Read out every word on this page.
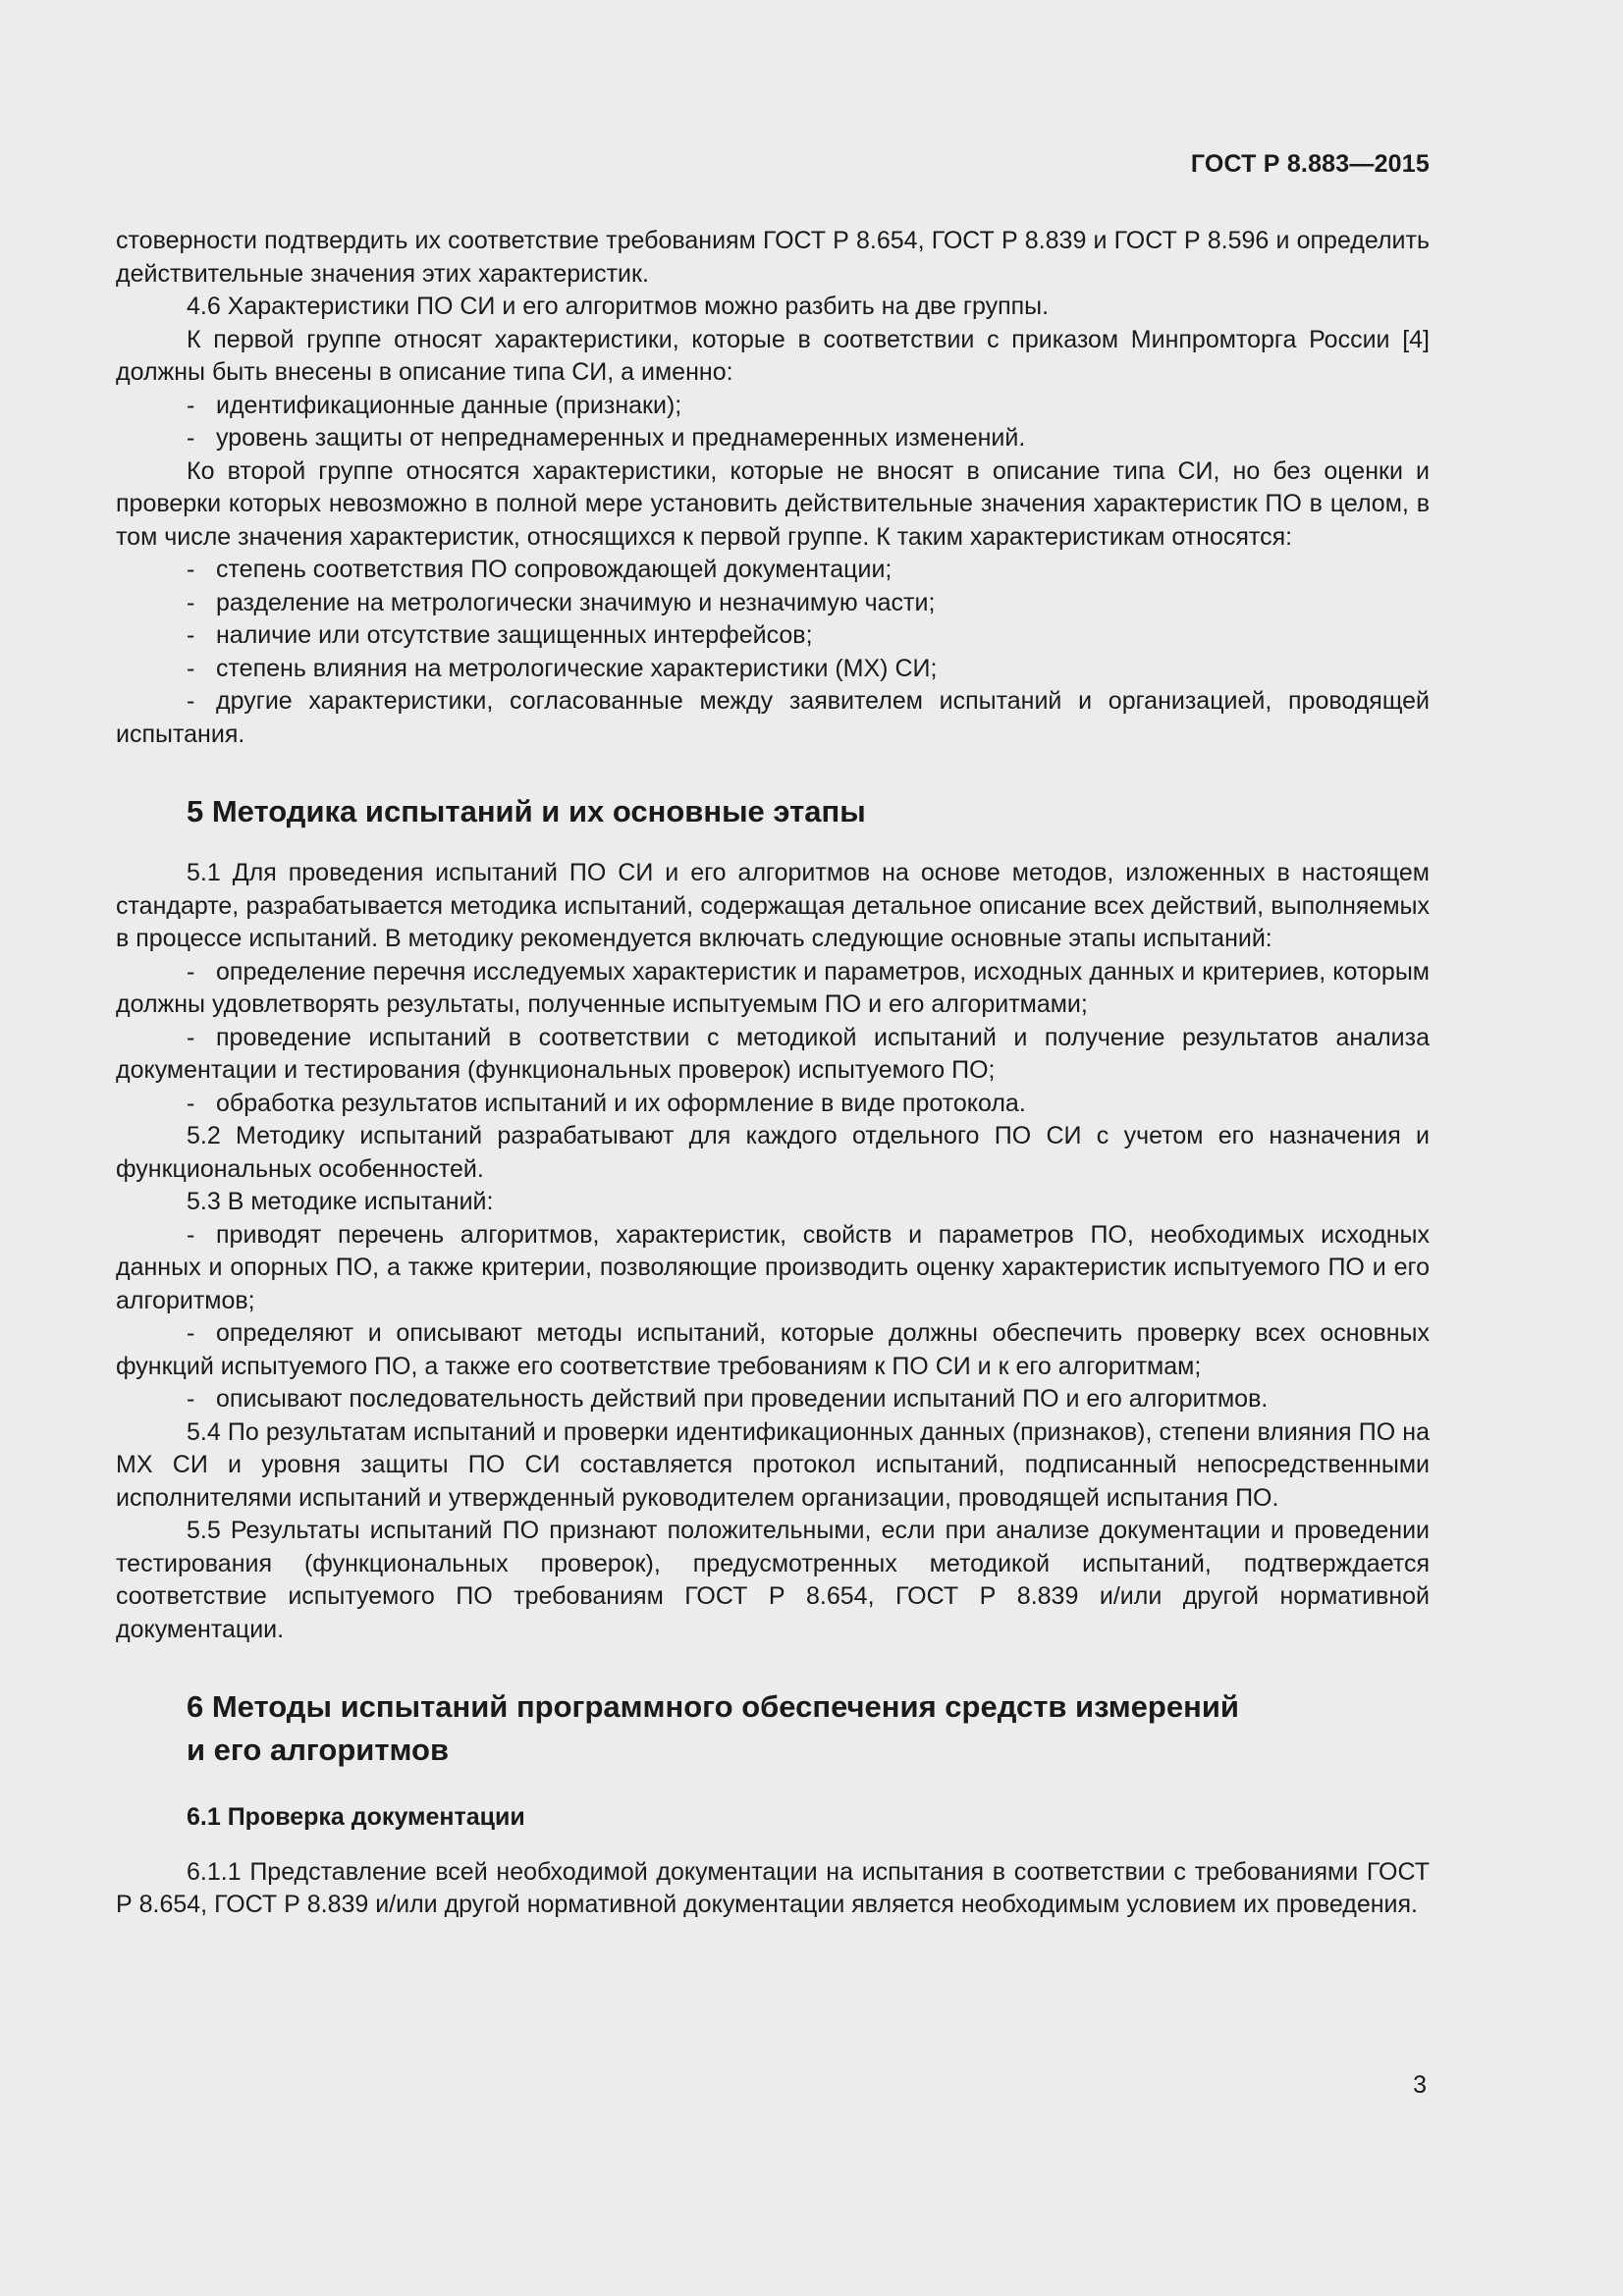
ГОСТ Р 8.883—2015

стоверности подтвердить их соответствие требованиям ГОСТ Р 8.654, ГОСТ Р 8.839 и ГОСТ Р 8.596 и определить действительные значения этих характеристик.

4.6 Характеристики ПО СИ и его алгоритмов можно разбить на две группы.

К первой группе относят характеристики, которые в соответствии с приказом Минпромторга России [4] должны быть внесены в описание типа СИ, а именно:

- идентификационные данные (признаки);

- уровень защиты от непреднамеренных и преднамеренных изменений.

Ко второй группе относятся характеристики, которые не вносят в описание типа СИ, но без оценки и проверки которых невозможно в полной мере установить действительные значения характеристик ПО в целом, в том числе значения характеристик, относящихся к первой группе. К таким характеристикам относятся:

- степень соответствия ПО сопровождающей документации;

- разделение на метрологически значимую и незначимую части;

- наличие или отсутствие защищенных интерфейсов;

- степень влияния на метрологические характеристики (МХ) СИ;

- другие характеристики, согласованные между заявителем испытаний и организацией, проводящей испытания.

5 Методика испытаний и их основные этапы

5.1 Для проведения испытаний ПО СИ и его алгоритмов на основе методов, изложенных в настоящем стандарте, разрабатывается методика испытаний, содержащая детальное описание всех действий, выполняемых в процессе испытаний. В методику рекомендуется включать следующие основные этапы испытаний:

- определение перечня исследуемых характеристик и параметров, исходных данных и критериев, которым должны удовлетворять результаты, полученные испытуемым ПО и его алгоритмами;

- проведение испытаний в соответствии с методикой испытаний и получение результатов анализа документации и тестирования (функциональных проверок) испытуемого ПО;

- обработка результатов испытаний и их оформление в виде протокола.

5.2 Методику испытаний разрабатывают для каждого отдельного ПО СИ с учетом его назначения и функциональных особенностей.

5.3 В методике испытаний:

- приводят перечень алгоритмов, характеристик, свойств и параметров ПО, необходимых исходных данных и опорных ПО, а также критерии, позволяющие производить оценку характеристик испытуемого ПО и его алгоритмов;

- определяют и описывают методы испытаний, которые должны обеспечить проверку всех основных функций испытуемого ПО, а также его соответствие требованиям к ПО СИ и к его алгоритмам;

- описывают последовательность действий при проведении испытаний ПО и его алгоритмов.

5.4 По результатам испытаний и проверки идентификационных данных (признаков), степени влияния ПО на МХ СИ и уровня защиты ПО СИ составляется протокол испытаний, подписанный непосредственными исполнителями испытаний и утвержденный руководителем организации, проводящей испытания ПО.

5.5 Результаты испытаний ПО признают положительными, если при анализе документации и проведении тестирования (функциональных проверок), предусмотренных методикой испытаний, подтверждается соответствие испытуемого ПО требованиям ГОСТ Р 8.654, ГОСТ Р 8.839 и/или другой нормативной документации.

6 Методы испытаний программного обеспечения средств измерений
и его алгоритмов
6.1 Проверка документации

6.1.1 Представление всей необходимой документации на испытания в соответствии с требованиями ГОСТ Р 8.654, ГОСТ Р 8.839 и/или другой нормативной документации является необходимым условием их проведения.

3
